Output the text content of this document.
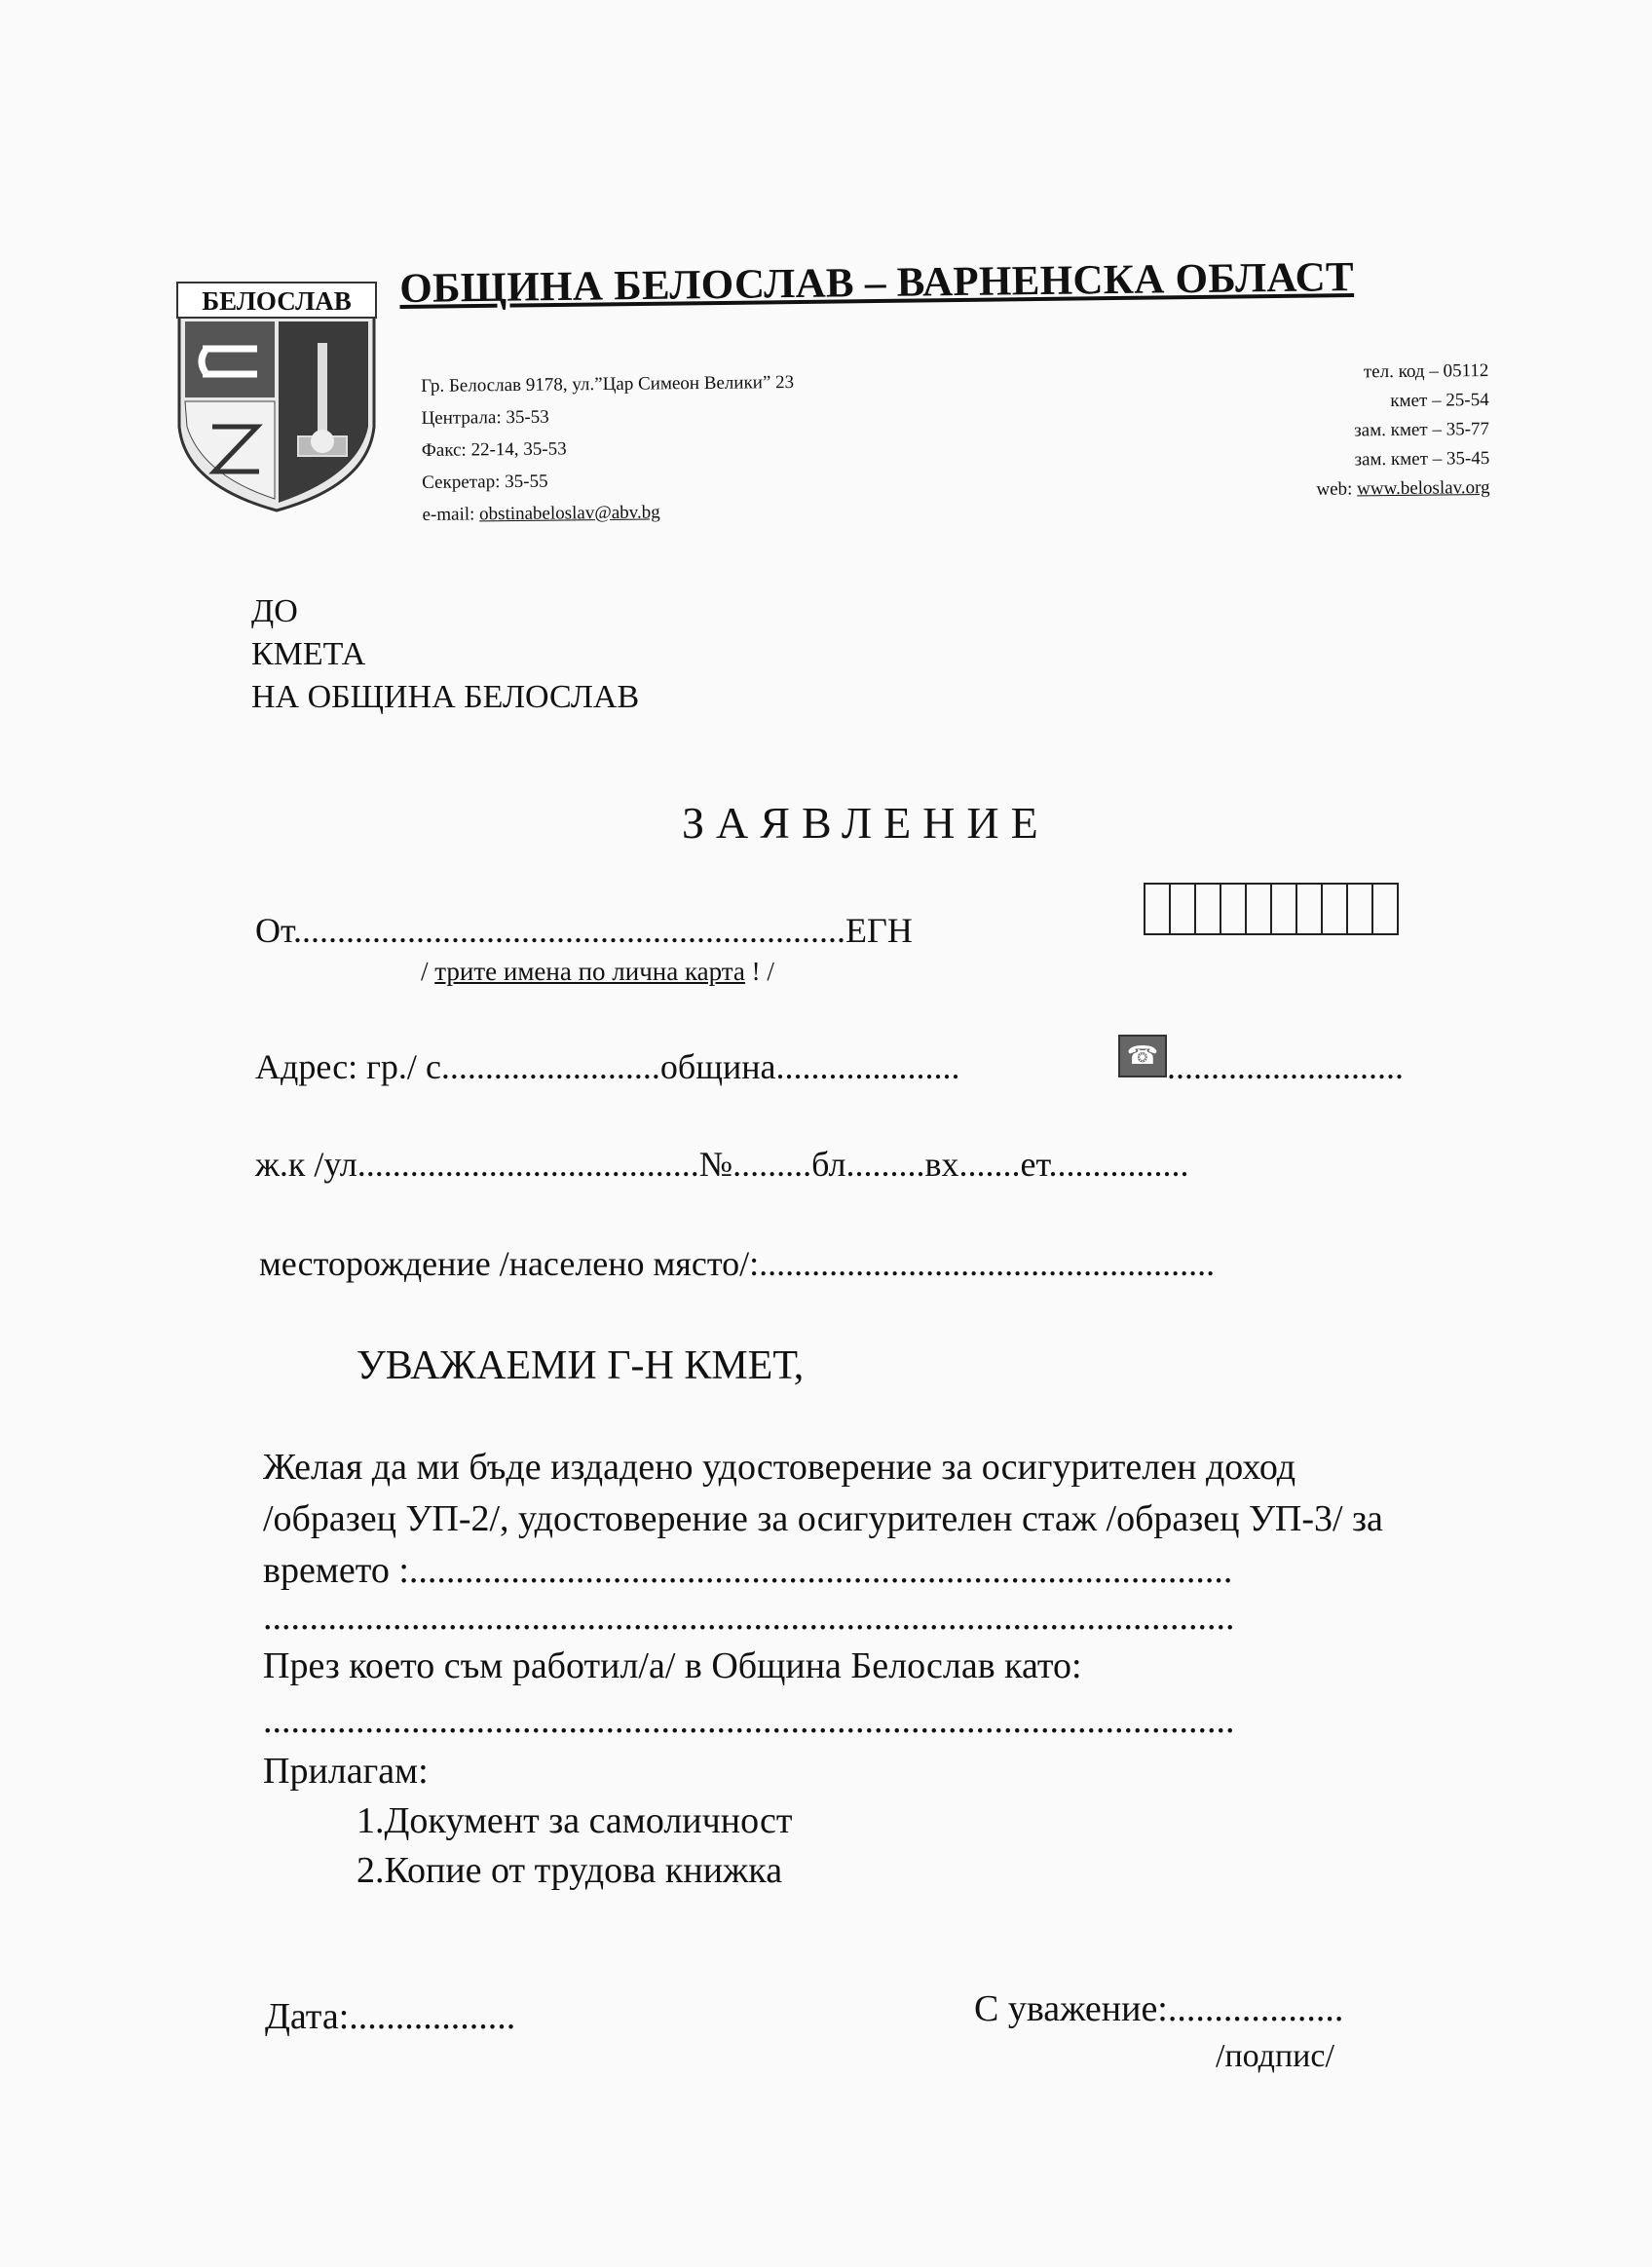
БЕЛОСЛАВ ОБЩИНА БЕЛОСЛАВ – ВАРНЕНСКА ОБЛАСТ
Гр. Белослав 9178, ул.”Цар Симеон Велики” 23
Централа: 35-53
Факс: 22-14, 35-53
Секретар: 35-55
e-mail: obstinabeloslav@abv.bg
тел. код – 05112
кмет – 25-54
зам. кмет – 35-77
зам. кмет – 35-45
web: www.beloslav.org
ДО
КМЕТА
НА ОБЩИНА БЕЛОСЛАВ
ЗАЯВЛЕНИЕ
От...............................................................ЕГН
/ трите имена по лична карта ! /
Адрес: гр./ с.........................община.....................	☎ ...........................
ж.к /ул.......................................№.........бл.........вх.......ет................
месторождение /населено място/:....................................................
УВАЖАЕМИ Г-Н КМЕТ,
Желая да ми бъде издадено удостоверение за осигурителен доход
/образец УП-2/, удостоверение за осигурителен стаж /образец УП-3/ за
времето :.........................................................................................
.........................................................................................................
През което съм работил/а/ в Община Белослав като:
.........................................................................................................
Прилагам:
1.Документ за самоличност
2.Копие от трудова книжка
Дата:..................	С уважение:...................
/подпис/
